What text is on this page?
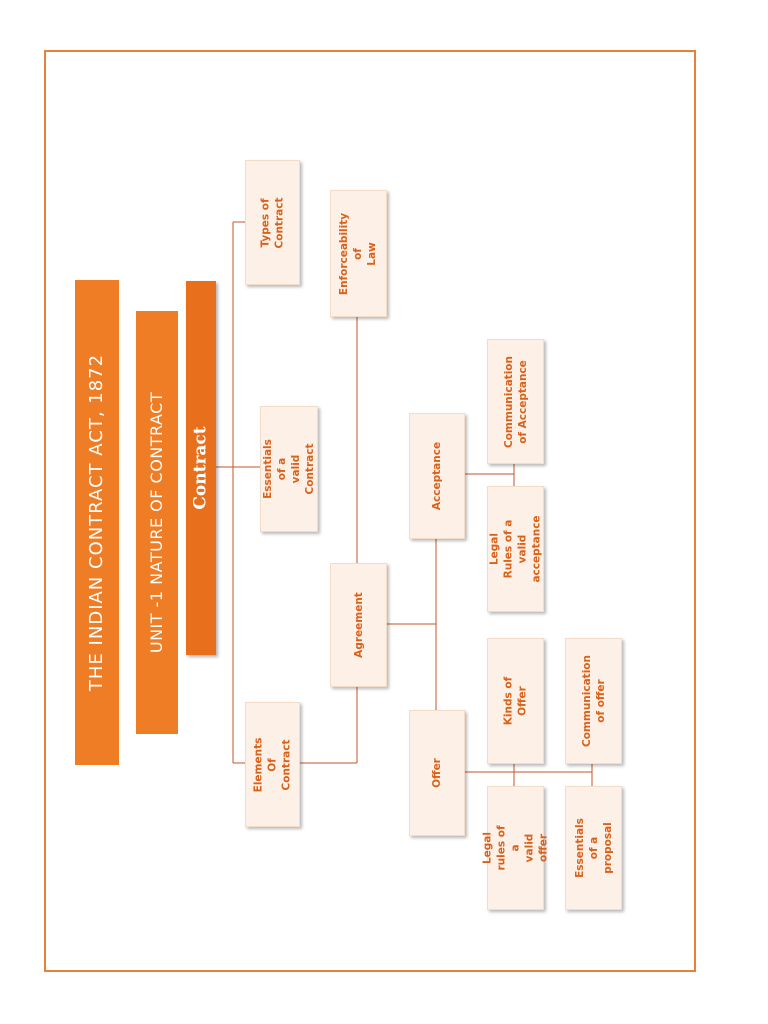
THE INDIAN CONTRACT ACT, 1872	UNIT -1 NATURE OF CONTRACT Contract
Types of
Contract
Essentials of a
valid Contract
Elements Of
Contract
Enforceability of
Law
Agreement
Acceptance
Offer
Communication
of Acceptance
Legal Rules of a
valid acceptance
Kinds of Offer
Legal rules of a
valid offer
Communication
of offer
Essentials of a
proposal
